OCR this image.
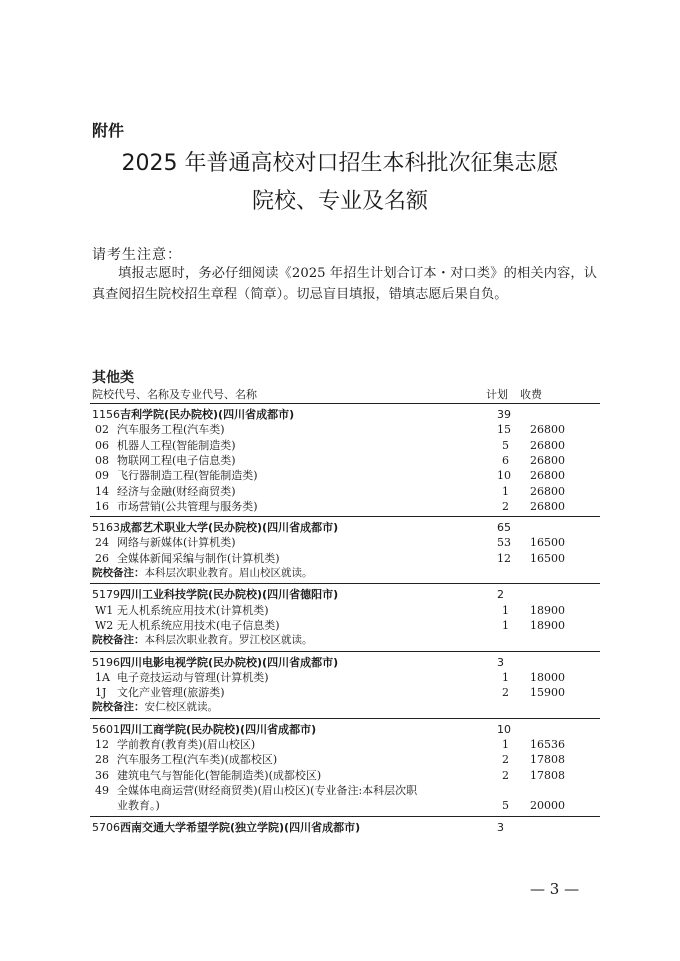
附件
2025 年普通高校对口招生本科批次征集志愿
院校、专业及名额
请考生注意：
填报志愿时，务必仔细阅读《2025 年招生计划合订本・对口类》的相关内容，认真查阅招生院校招生章程（简章）。切忌盲目填报，错填志愿后果自负。
其他类
院校代号、名称及专业代号、名称	计划 收费
1156 吉利学院(民办院校)(四川省成都市)	39
02 汽车服务工程(汽车类)	15 26800
06 机器人工程(智能制造类)	5 26800
08 物联网工程(电子信息类)	6 26800
09 飞行器制造工程(智能制造类)	10 26800
14 经济与金融(财经商贸类)	1 26800
16 市场营销(公共管理与服务类)	2 26800
5163 成都艺术职业大学(民办院校)(四川省成都市)	65
24 网络与新媒体(计算机类)	53 16500
26 全媒体新闻采编与制作(计算机类)	12 16500
院校备注：本科层次职业教育。眉山校区就读。
5179 四川工业科技学院(民办院校)(四川省德阳市)	2
W1 无人机系统应用技术(计算机类)	1 18900
W2 无人机系统应用技术(电子信息类)	1 18900
院校备注：本科层次职业教育。罗江校区就读。
5196 四川电影电视学院(民办院校)(四川省成都市)	3
1A 电子竞技运动与管理(计算机类)	1 18000
1J 文化产业管理(旅游类)	2 15900
院校备注：安仁校区就读。
5601 四川工商学院(民办院校)(四川省成都市)	10
12 学前教育(教育类)(眉山校区)	1 16536
28 汽车服务工程(汽车类)(成都校区)	2 17808
36 建筑电气与智能化(智能制造类)(成都校区)	2 17808
49 全媒体电商运营(财经商贸类)(眉山校区)(专业备注:本科层次职
业教育。)	5 20000
5706 西南交通大学希望学院(独立学院)(四川省成都市)	3
— 3 —
